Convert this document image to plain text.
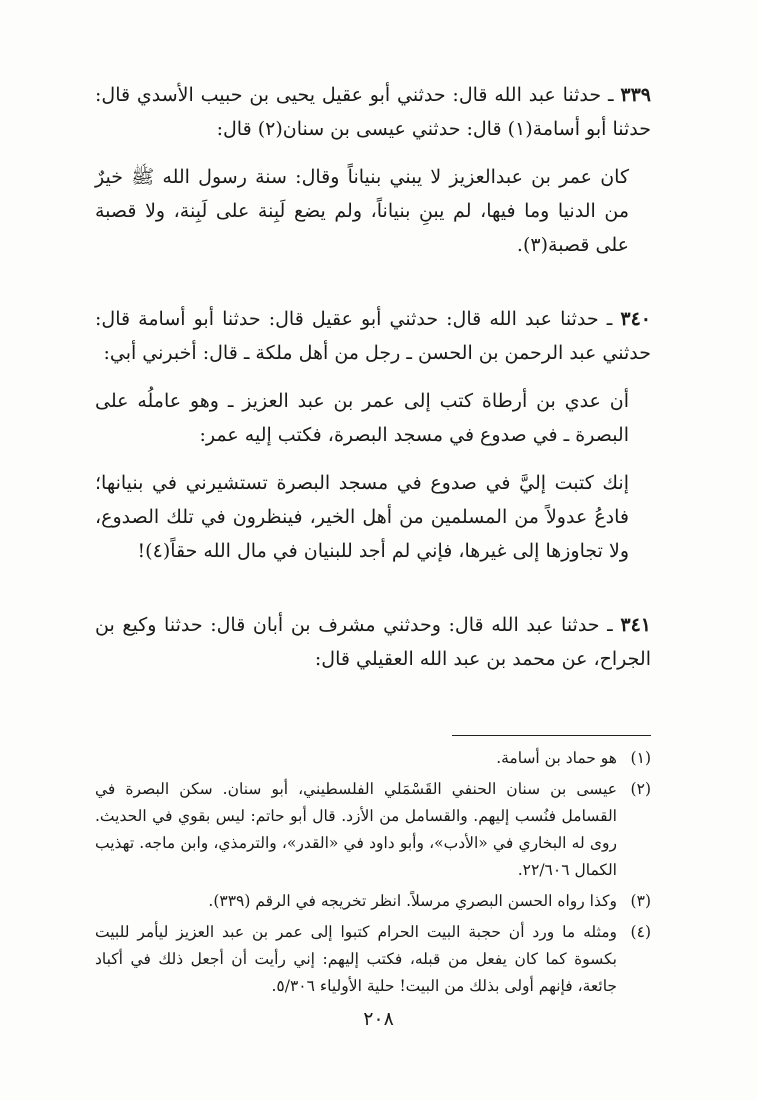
٣٣٩ ـ حدثنا عبد الله قال: حدثني أبو عقيل يحيى بن حبيب الأسدي قال: حدثنا أبو أسامة(١) قال: حدثني عيسى بن سنان(٢) قال:

كان عمر بن عبدالعزيز لا يبني بنياناً وقال: سنة رسول الله ﷺ خيرٌ من الدنيا وما فيها، لم يبنِ بنياناً، ولم يضع لَبِنة على لَبِنة، ولا قصبة على قصبة(٣).

٣٤٠ ـ حدثنا عبد الله قال: حدثني أبو عقيل قال: حدثنا أبو أسامة قال: حدثني عبد الرحمن بن الحسن ـ رجل من أهل ملكة ـ قال: أخبرني أبي:

أن عدي بن أرطاة كتب إلى عمر بن عبد العزيز ـ وهو عاملُه على البصرة ـ في صدوع في مسجد البصرة، فكتب إليه عمر:

إنك كتبت إليَّ في صدوع في مسجد البصرة تستشيرني في بنيانها؛ فادعُ عدولاً من المسلمين من أهل الخير، فينظرون في تلك الصدوع، ولا تجاوزها إلى غيرها، فإني لم أجد للبنيان في مال الله حقاً(٤)!

٣٤١ ـ حدثنا عبد الله قال: وحدثني مشرف بن أبان قال: حدثنا وكيع بن الجراح، عن محمد بن عبد الله العقيلي قال:

(١)
هو حماد بن أسامة.
(٢)
عيسى بن سنان الحنفي القَسْمَلي الفلسطيني، أبو سنان. سكن البصرة في القسامل فنُسب إليهم. والقسامل من الأزد. قال أبو حاتم: ليس بقوي في الحديث. روى له البخاري في «الأدب»، وأبو داود في «القدر»، والترمذي، وابن ماجه. تهذيب الكمال ٢٢/٦٠٦.
(٣)
وكذا رواه الحسن البصري مرسلاً. انظر تخريجه في الرقم (٣٣٩).
(٤)
ومثله ما ورد أن حجبة البيت الحرام كتبوا إلى عمر بن عبد العزيز ليأمر للبيت بكسوة كما كان يفعل من قبله، فكتب إليهم: إني رأيت أن أجعل ذلك في أكباد جائعة، فإنهم أولى بذلك من البيت! حلية الأولياء ٥/٣٠٦.
٢٠٨
